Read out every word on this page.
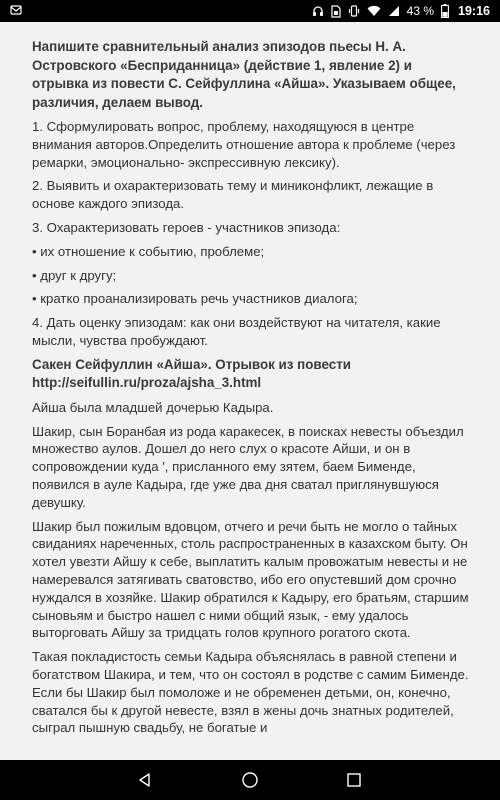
43 % 19:16

Напишите сравнительный анализ эпизодов пьесы Н. А. Островского «Бесприданница» (действие 1, явление 2) и отрывка из повести С. Сейфуллина «Айша». Указываем общее, различия, делаем вывод.

1. Сформулировать вопрос, проблему, находящуюся в центре внимания авторов.Определить отношение автора к проблеме (через ремарки, эмоционально- экспрессивную лексику).

2. Выявить и охарактеризовать тему и миниконфликт, лежащие в основе каждого эпизода.

3. Охарактеризовать героев - участников эпизода:

• их отношение к событию, проблеме;

• друг к другу;

• кратко проанализировать речь участников диалога;

4. Дать оценку эпизодам: как они воздействуют на читателя, какие мысли, чувства пробуждают.

Сакен Сейфуллин «Айша». Отрывок из повести http://seifullin.ru/proza/ajsha_3.html

Айша была младшей дочерью Кадыра.

Шакир, сын Боранбая из рода каракесек, в поисках невесты объездил множество аулов. Дошел до него слух о красоте Айши, и он в сопровождении куда ', присланного ему зятем, баем Бименде, появился в ауле Кадыра, где уже два дня сватал приглянувшуюся девушку.

Шакир был пожилым вдовцом, отчего и речи быть не могло о тайных свиданиях нареченных, столь распространенных в казахском быту. Он хотел увезти Айшу к себе, выплатить калым провожатым невесты и не намеревался затягивать сватовство, ибо его опустевший дом срочно нуждался в хозяйке. Шакир обратился к Кадыру, его братьям, старшим сыновьям и быстро нашел с ними общий язык, - ему удалось выторговать Айшу за тридцать голов крупного рогатого скота.

Такая покладистость семьи Кадыра объяснялась в равной степени и богатством Шакира, и тем, что он состоял в родстве с самим Бименде. Если бы Шакир был помоложе и не обременен детьми, он, конечно, сватался бы к другой невесте, взял в жены дочь знатных родителей, сыграл пышную свадьбу, не богатые и
